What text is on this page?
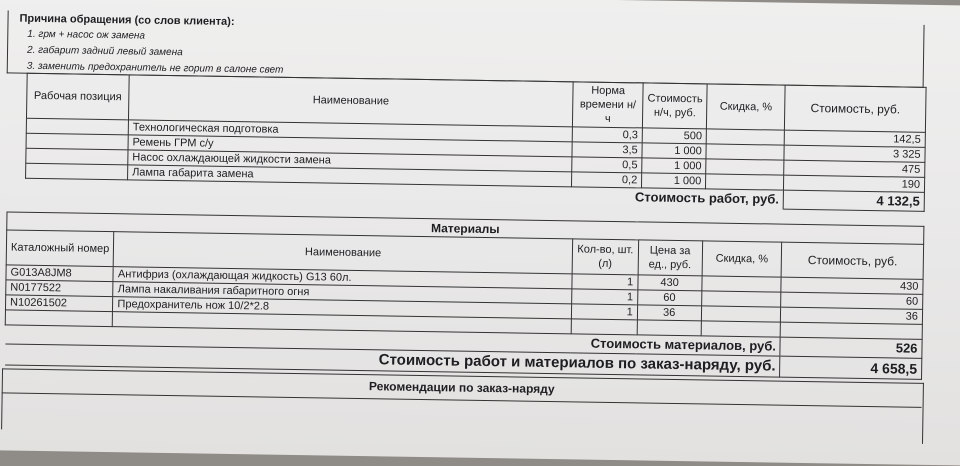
Причина обращения (со слов клиента):
1. грм + насос ож замена
2. габарит задний левый замена
3. заменить предохранитель не горит в салоне свет
Рабочая позиция	Наименование	Норма времени н/ч	Стоимость н/ч, руб.	Скидка, %	Стоимость, руб.
	Технологическая подготовка	0,3	500		142,5
	Ремень ГРМ с/у	3,5	1 000		3 325
	Насос охлаждающей жидкости замена	0,5	1 000		475
	Лампа габарита замена	0,2	1 000		190
Стоимость работ, руб.					4 132,5
Материалы					
Каталожный номер	Наименование	Кол-во, шт. (л)	Цена за ед., руб.	Скидка, %	Стоимость, руб.
G013A8JM8	Антифриз (охлаждающая жидкость) G13 60л.	1	430		430
N0177522	Лампа накаливания габаритного огня	1	60		60
N10261502	Предохранитель нож 10/2*2.8	1	36		36

Стоимость материалов, руб.					526
Стоимость работ и материалов по заказ-наряду, руб.					4 658,5
Рекомендации по заказ-наряду
